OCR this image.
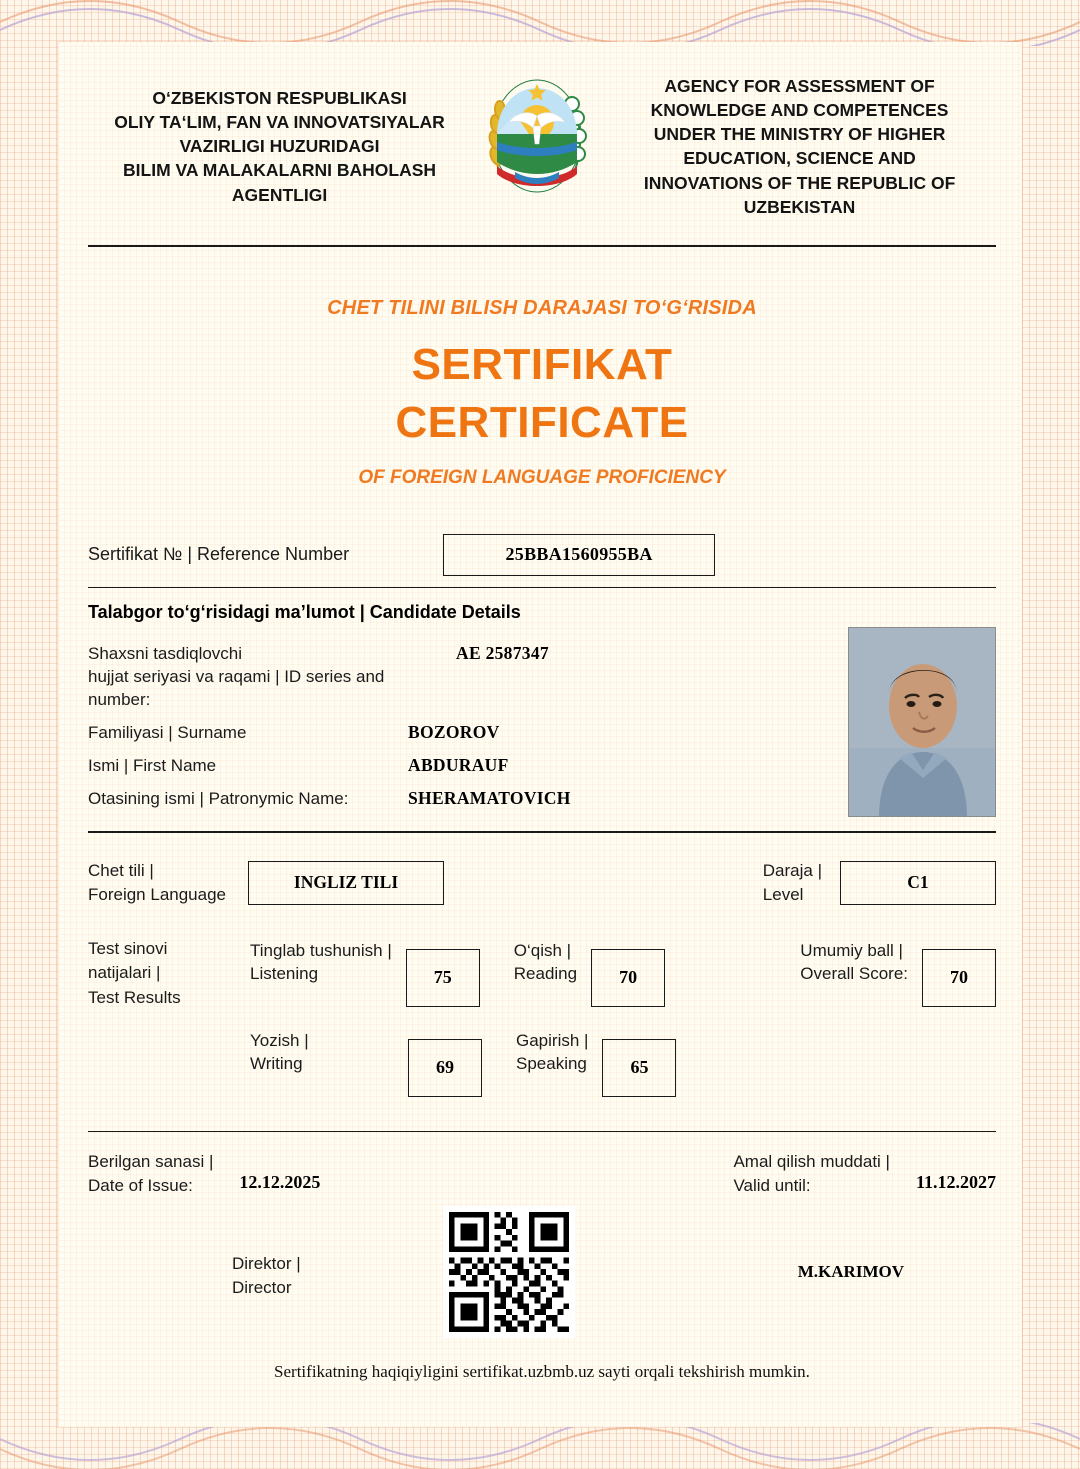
O‘ZBEKISTON RESPUBLIKASI
OLIY TA‘LIM, FAN VA INNOVATSIYALAR
VAZIRLIGI HUZURIDAGI
BILIM VA MALAKALARNI BAHOLASH
AGENTLIGI
AGENCY FOR ASSESSMENT OF
KNOWLEDGE AND COMPETENCES
UNDER THE MINISTRY OF HIGHER
EDUCATION, SCIENCE AND
INNOVATIONS OF THE REPUBLIC OF
UZBEKISTAN
CHET TILINI BILISH DARAJASI TO‘G‘RISIDA
SERTIFIKAT
CERTIFICATE
OF FOREIGN LANGUAGE PROFICIENCY
Sertifikat № | Reference Number	25BBA1560955BA
Talabgor to‘g‘risidagi ma’lumot | Candidate Details
Shaxsni tasdiqlovchi
hujjat seriyasi va raqami | ID series and number:
AE 2587347
Familiyasi | Surname	BOZOROV
Ismi | First Name	ABDURAUF
Otasining ismi | Patronymic Name:	SHERAMATOVICH
Chet tili |
Foreign Language
INGLIZ TILI
Daraja |
Level
C1
Test sinovi
natijalari |
Test Results
Tinglab tushunish |
Listening	75
O‘qish |
Reading	70
Umumiy ball |
Overall Score:	70
Yozish |
Writing	69
Gapirish |
Speaking	65
Berilgan sanasi |
Date of Issue:	12.12.2025
Amal qilish muddati |
Valid until:	11.12.2027
Direktor |
Director
M.KARIMOV
Sertifikatning haqiqiyligini sertifikat.uzbmb.uz sayti orqali tekshirish mumkin.
